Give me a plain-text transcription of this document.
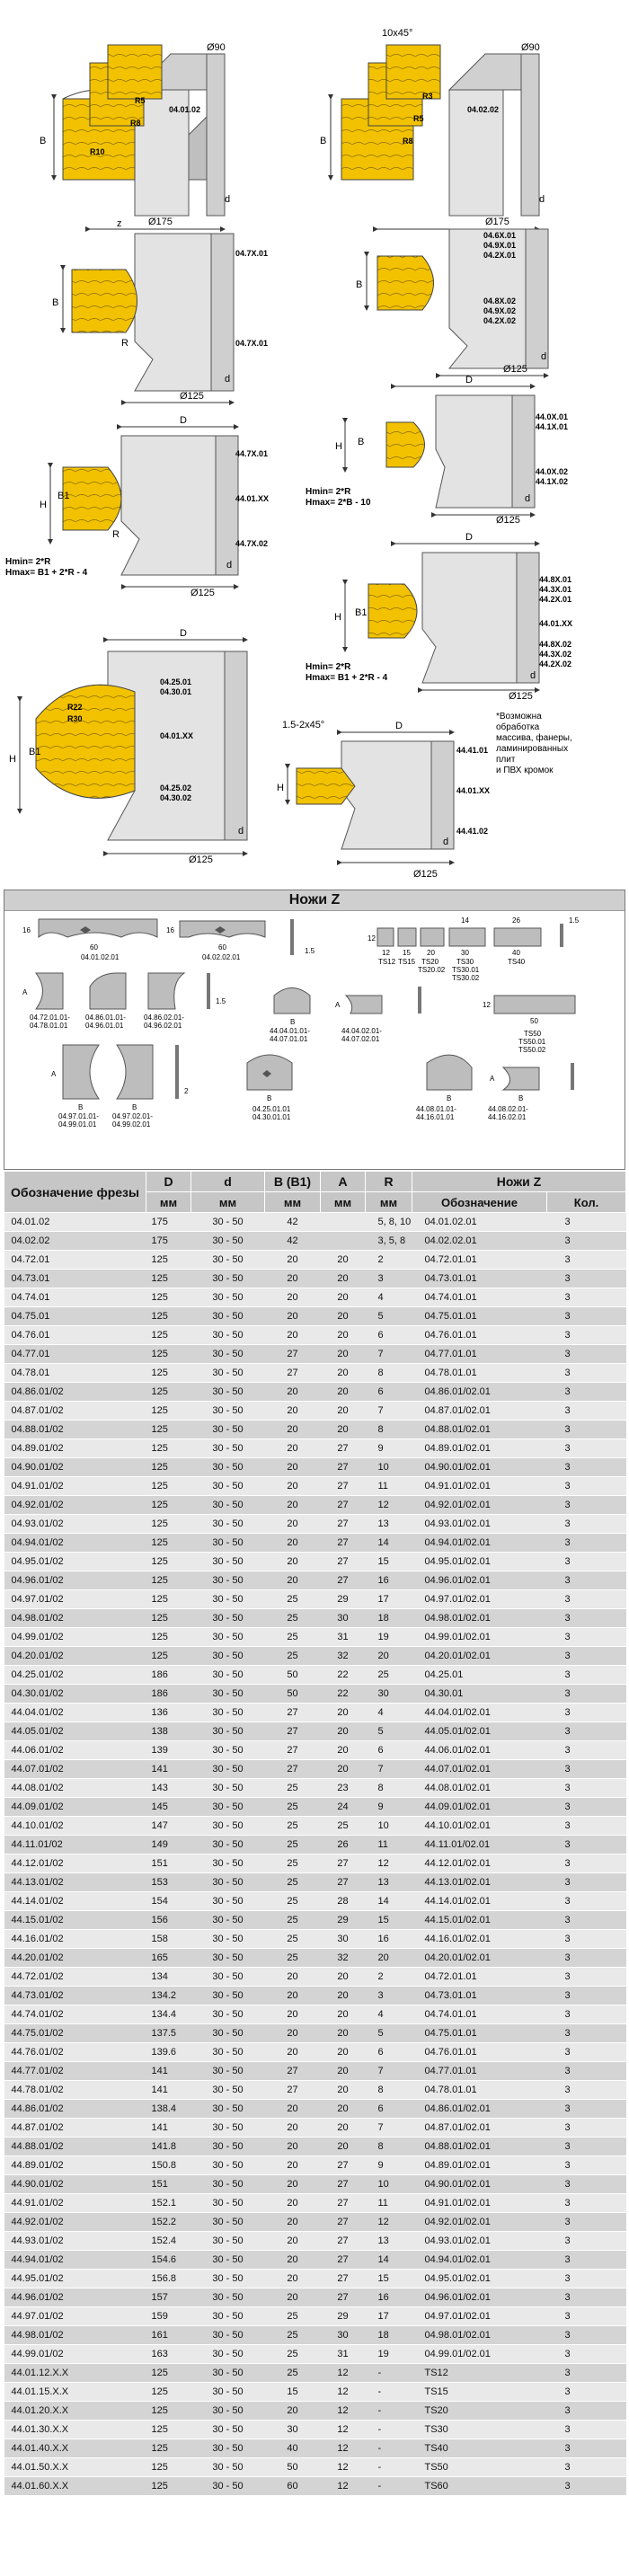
B
04.01.02
Ø90
Ø175
d
R10
R8
R5
B
04.02.02
Ø90
10x45°
Ø175
d
R3
R5
R8
B
R
z
04.7X.01
04.7X.01
Ø125
d
B
04.6X.01
04.9X.01
04.2X.01
04.8X.02
04.9X.02
04.2X.02
Ø125
d
H
B1
R
44.7X.01
44.01.XX
44.7X.02
D
Hmin= 2*R
Hmax= B1 + 2*R - 4
Ø125
d
H B
44.0X.01
44.1X.01
44.0X.02
44.1X.02
D
Hmin= 2*R
Hmax= 2*B - 10
Ø125
d
H B1
44.8X.01
44.3X.01
44.2X.01
44.01.XX
44.8X.02
44.3X.02
44.2X.02
D
Hmin= 2*R
Hmax= B1 + 2*R - 4
Ø125
d
H
B1
R22
R30
04.25.01
04.30.01
04.01.XX
04.25.02
04.30.02
D
Ø125
d
H
1.5-2x45°
44.41.01
44.01.XX
44.41.02
D
Ø125
d
*Возможна
обработка
массива, фанеры,
ламинированных
плит
и ПВХ кромок
Ножи Z
16
60
04.01.02.01
16
60
04.02.02.01
1.5
12
12 15 20	30	40
TS12 TS15 TS20 TS30	TS40
TS20.02 TS30.01
TS30.02
14	26	1.5
A
04.72.01.01-
04.78.01.01
04.86.01.01-
04.96.01.01
04.86.02.01-
04.96.02.01
1.5
B
44.04.01.01-
44.07.01.01
A
44.04.02.01-
44.07.02.01
12
50
TS50
TS50.01
TS50.02
A
B
04.97.01.01-
04.99.01.01
B
04.97.02.01-
04.99.02.01
2
B
04.25.01.01
04.30.01.01
B
44.08.01.01-
44.16.01.01
A
B
44.08.02.01-
44.16.02.01
Обозначение фрезы	D	d	B (B1)	A	R	Ножи Z	
	мм	мм	мм	мм	мм	Обозначение	Кол.
04.01.02	175	30 - 50	42		5, 8, 10	04.01.02.01	3
04.02.02	175	30 - 50	42		3, 5, 8	04.02.02.01	3
04.72.01	125	30 - 50	20	20	2	04.72.01.01	3
04.73.01	125	30 - 50	20	20	3	04.73.01.01	3
04.74.01	125	30 - 50	20	20	4	04.74.01.01	3
04.75.01	125	30 - 50	20	20	5	04.75.01.01	3
04.76.01	125	30 - 50	20	20	6	04.76.01.01	3
04.77.01	125	30 - 50	27	20	7	04.77.01.01	3
04.78.01	125	30 - 50	27	20	8	04.78.01.01	3
04.86.01/02	125	30 - 50	20	20	6	04.86.01/02.01	3
04.87.01/02	125	30 - 50	20	20	7	04.87.01/02.01	3
04.88.01/02	125	30 - 50	20	20	8	04.88.01/02.01	3
04.89.01/02	125	30 - 50	20	27	9	04.89.01/02.01	3
04.90.01/02	125	30 - 50	20	27	10	04.90.01/02.01	3
04.91.01/02	125	30 - 50	20	27	11	04.91.01/02.01	3
04.92.01/02	125	30 - 50	20	27	12	04.92.01/02.01	3
04.93.01/02	125	30 - 50	20	27	13	04.93.01/02.01	3
04.94.01/02	125	30 - 50	20	27	14	04.94.01/02.01	3
04.95.01/02	125	30 - 50	20	27	15	04.95.01/02.01	3
04.96.01/02	125	30 - 50	20	27	16	04.96.01/02.01	3
04.97.01/02	125	30 - 50	25	29	17	04.97.01/02.01	3
04.98.01/02	125	30 - 50	25	30	18	04.98.01/02.01	3
04.99.01/02	125	30 - 50	25	31	19	04.99.01/02.01	3
04.20.01/02	125	30 - 50	25	32	20	04.20.01/02.01	3
04.25.01/02	186	30 - 50	50	22	25	04.25.01	3
04.30.01/02	186	30 - 50	50	22	30	04.30.01	3
44.04.01/02	136	30 - 50	27	20	4	44.04.01/02.01	3
44.05.01/02	138	30 - 50	27	20	5	44.05.01/02.01	3
44.06.01/02	139	30 - 50	27	20	6	44.06.01/02.01	3
44.07.01/02	141	30 - 50	27	20	7	44.07.01/02.01	3
44.08.01/02	143	30 - 50	25	23	8	44.08.01/02.01	3
44.09.01/02	145	30 - 50	25	24	9	44.09.01/02.01	3
44.10.01/02	147	30 - 50	25	25	10	44.10.01/02.01	3
44.11.01/02	149	30 - 50	25	26	11	44.11.01/02.01	3
44.12.01/02	151	30 - 50	25	27	12	44.12.01/02.01	3
44.13.01/02	153	30 - 50	25	27	13	44.13.01/02.01	3
44.14.01/02	154	30 - 50	25	28	14	44.14.01/02.01	3
44.15.01/02	156	30 - 50	25	29	15	44.15.01/02.01	3
44.16.01/02	158	30 - 50	25	30	16	44.16.01/02.01	3
44.20.01/02	165	30 - 50	25	32	20	04.20.01/02.01	3
44.72.01/02	134	30 - 50	20	20	2	04.72.01.01	3
44.73.01/02	134.2	30 - 50	20	20	3	04.73.01.01	3
44.74.01/02	134.4	30 - 50	20	20	4	04.74.01.01	3
44.75.01/02	137.5	30 - 50	20	20	5	04.75.01.01	3
44.76.01/02	139.6	30 - 50	20	20	6	04.76.01.01	3
44.77.01/02	141	30 - 50	27	20	7	04.77.01.01	3
44.78.01/02	141	30 - 50	27	20	8	04.78.01.01	3
44.86.01/02	138.4	30 - 50	20	20	6	04.86.01/02.01	3
44.87.01/02	141	30 - 50	20	20	7	04.87.01/02.01	3
44.88.01/02	141.8	30 - 50	20	20	8	04.88.01/02.01	3
44.89.01/02	150.8	30 - 50	20	27	9	04.89.01/02.01	3
44.90.01/02	151	30 - 50	20	27	10	04.90.01/02.01	3
44.91.01/02	152.1	30 - 50	20	27	11	04.91.01/02.01	3
44.92.01/02	152.2	30 - 50	20	27	12	04.92.01/02.01	3
44.93.01/02	152.4	30 - 50	20	27	13	04.93.01/02.01	3
44.94.01/02	154.6	30 - 50	20	27	14	04.94.01/02.01	3
44.95.01/02	156.8	30 - 50	20	27	15	04.95.01/02.01	3
44.96.01/02	157	30 - 50	20	27	16	04.96.01/02.01	3
44.97.01/02	159	30 - 50	25	29	17	04.97.01/02.01	3
44.98.01/02	161	30 - 50	25	30	18	04.98.01/02.01	3
44.99.01/02	163	30 - 50	25	31	19	04.99.01/02.01	3
44.01.12.X.X	125	30 - 50	25	12	-	TS12	3
44.01.15.X.X	125	30 - 50	15	12	-	TS15	3
44.01.20.X.X	125	30 - 50	20	12	-	TS20	3
44.01.30.X.X	125	30 - 50	30	12	-	TS30	3
44.01.40.X.X	125	30 - 50	40	12	-	TS40	3
44.01.50.X.X	125	30 - 50	50	12	-	TS50	3
44.01.60.X.X	125	30 - 50	60	12	-	TS60	3
